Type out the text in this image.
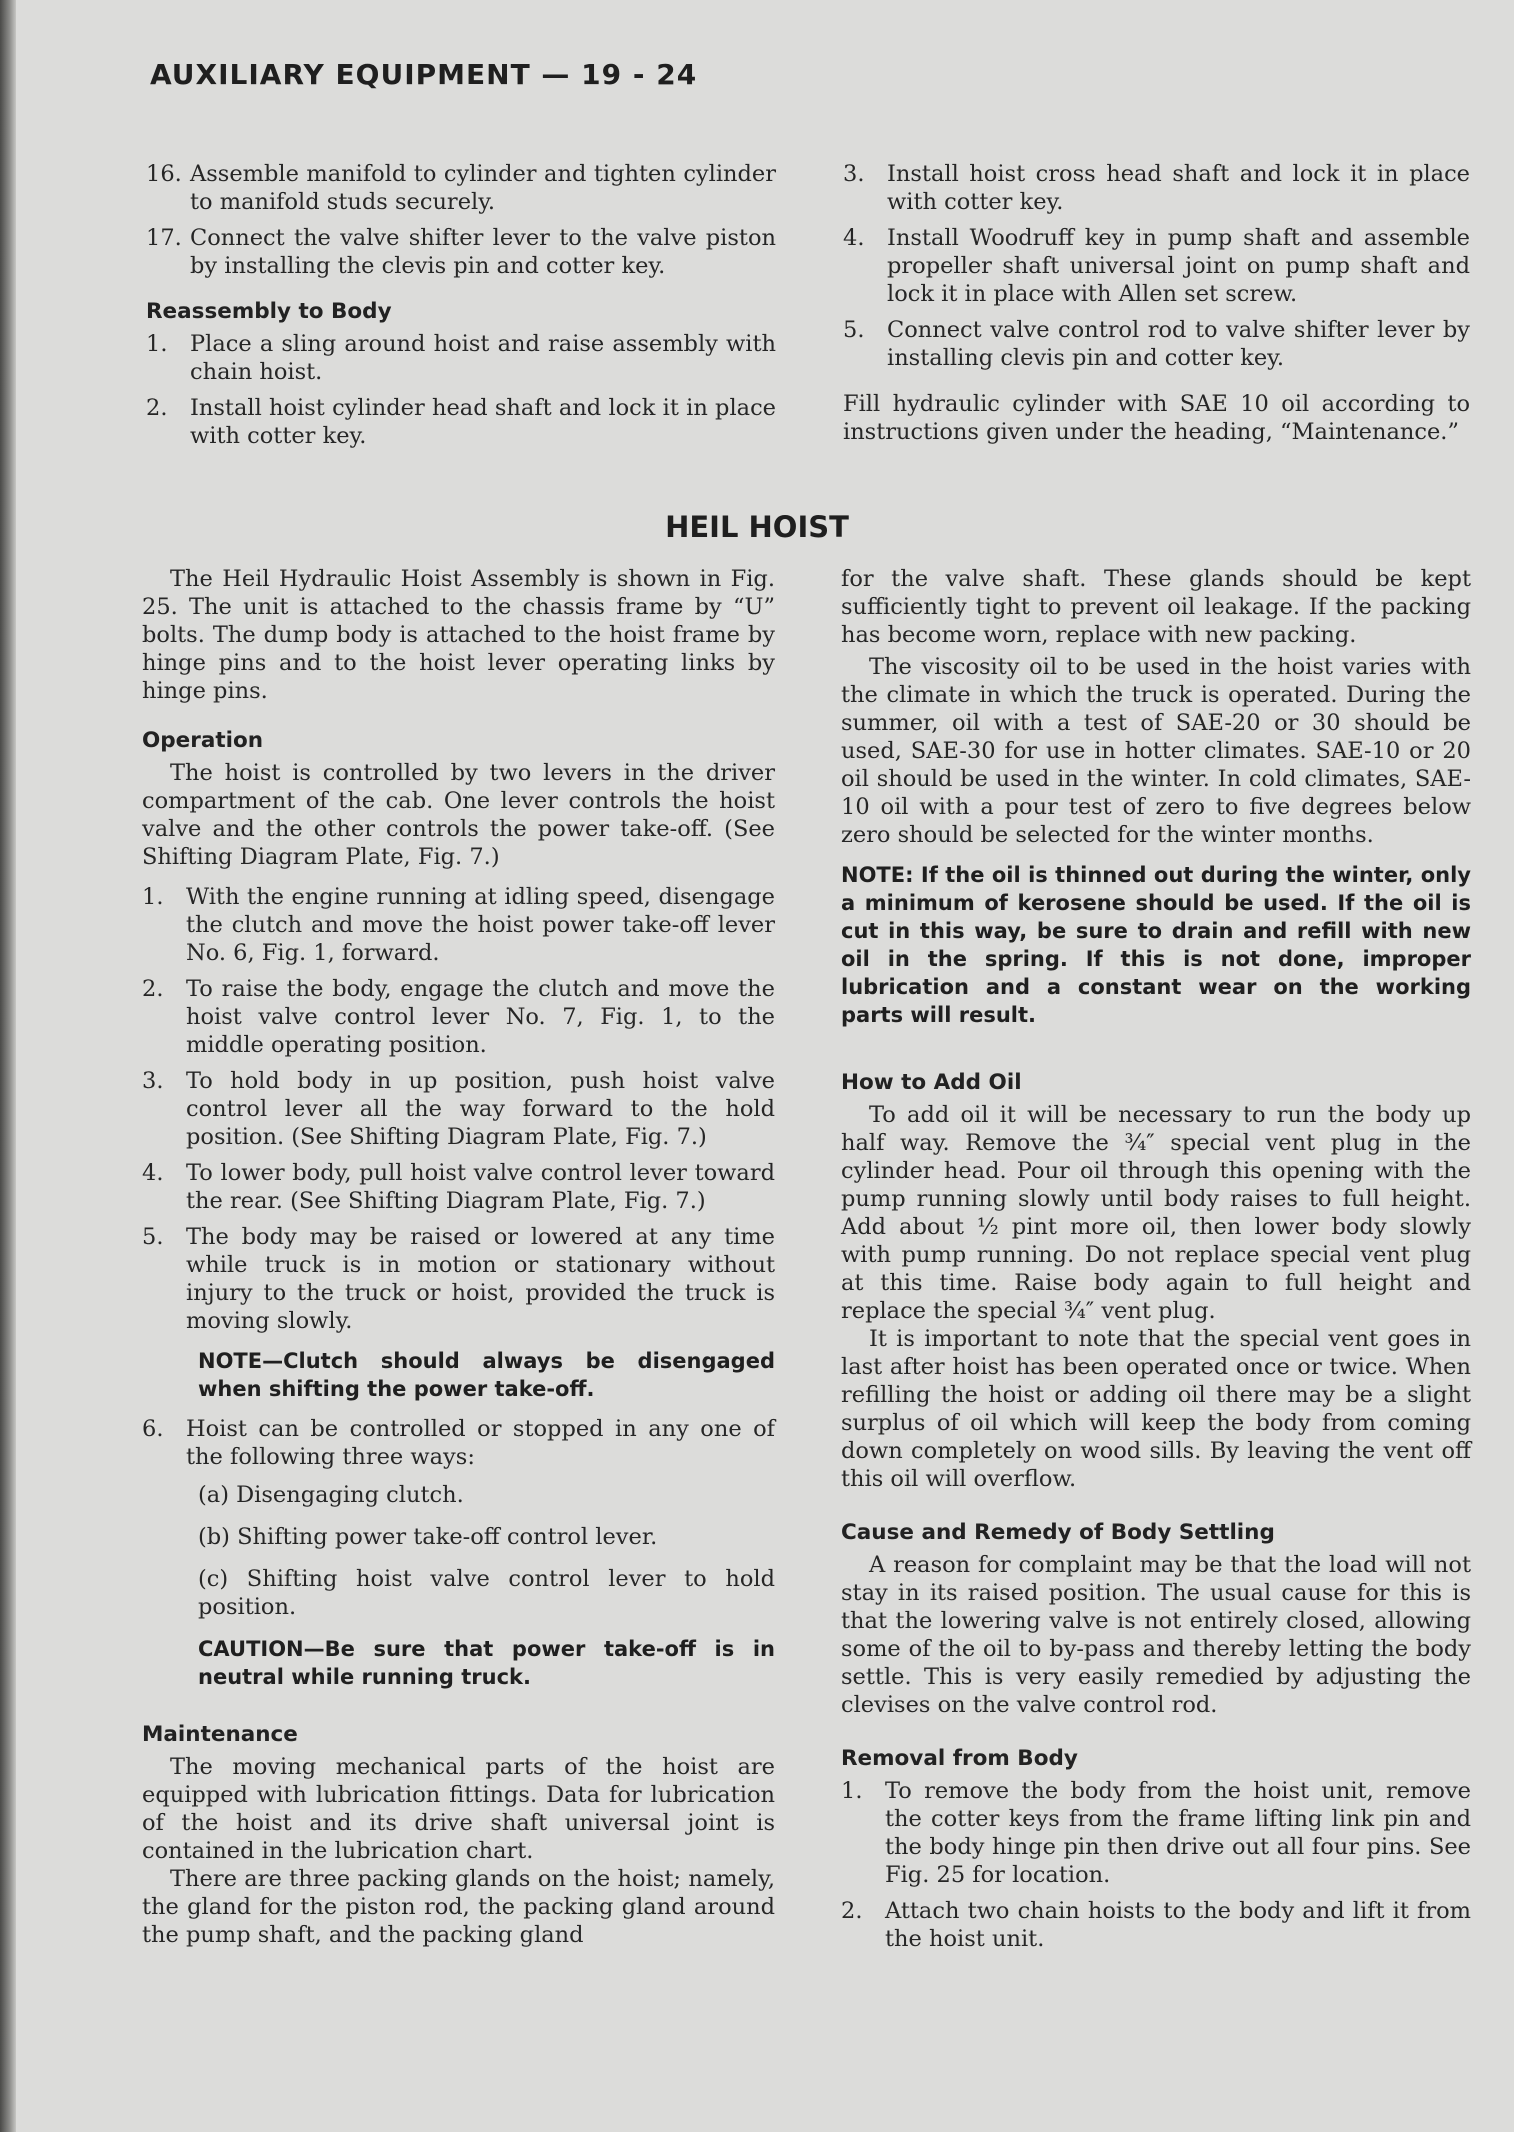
AUXILIARY EQUIPMENT — 19 - 24
16. Assemble manifold to cylinder and tighten cylinder to manifold studs securely.
17. Connect the valve shifter lever to the valve piston by installing the clevis pin and cotter key.
Reassembly to Body
1.	Place a sling around hoist and raise assembly with chain hoist.
2.	Install hoist cylinder head shaft and lock it in place with cotter key.
3.	Install hoist cross head shaft and lock it in place with cotter key.
4.	Install Woodruff key in pump shaft and assemble propeller shaft universal joint on pump shaft and lock it in place with Allen set screw.
5.	Connect valve control rod to valve shifter lever by installing clevis pin and cotter key.

Fill hydraulic cylinder with SAE 10 oil according to instructions given under the heading, “Maintenance.”

HEIL HOIST

The Heil Hydraulic Hoist Assembly is shown in Fig. 25. The unit is attached to the chassis frame by “U” bolts. The dump body is attached to the hoist frame by hinge pins and to the hoist lever operating links by hinge pins.

Operation

The hoist is controlled by two levers in the driver compartment of the cab. One lever controls the hoist valve and the other controls the power take-off. (See Shifting Diagram Plate, Fig. 7.)

1.	With the engine running at idling speed, disengage the clutch and move the hoist power take-off lever No. 6, Fig. 1, forward.
2.	To raise the body, engage the clutch and move the hoist valve control lever No. 7, Fig. 1, to the middle operating position.
3.	To hold body in up position, push hoist valve control lever all the way forward to the hold position. (See Shifting Diagram Plate, Fig. 7.)
4.	To lower body, pull hoist valve control lever toward the rear. (See Shifting Diagram Plate, Fig. 7.)
5.	The body may be raised or lowered at any time while truck is in motion or stationary without injury to the truck or hoist, provided the truck is moving slowly.
NOTE—Clutch should always be disengaged when shifting the power take-off.
6.	Hoist can be controlled or stopped in any one of the following three ways:

(a) Disengaging clutch.

(b) Shifting power take-off control lever.

(c) Shifting hoist valve control lever to hold position.

CAUTION—Be sure that power take-off is in neutral while running truck.
Maintenance

The moving mechanical parts of the hoist are equipped with lubrication fittings. Data for lubrication of the hoist and its drive shaft universal joint is contained in the lubrication chart.

There are three packing glands on the hoist; namely, the gland for the piston rod, the packing gland around the pump shaft, and the packing gland

for the valve shaft. These glands should be kept sufficiently tight to prevent oil leakage. If the packing has become worn, replace with new packing.

The viscosity oil to be used in the hoist varies with the climate in which the truck is operated. During the summer, oil with a test of SAE-20 or 30 should be used, SAE-30 for use in hotter climates. SAE-10 or 20 oil should be used in the winter. In cold climates, SAE-10 oil with a pour test of zero to five degrees below zero should be selected for the winter months.

NOTE: If the oil is thinned out during the winter, only a minimum of kerosene should be used. If the oil is cut in this way, be sure to drain and refill with new oil in the spring. If this is not done, improper lubrication and a constant wear on the working parts will result.
How to Add Oil

To add oil it will be necessary to run the body up half way. Remove the ¾″ special vent plug in the cylinder head. Pour oil through this opening with the pump running slowly until body raises to full height. Add about ½ pint more oil, then lower body slowly with pump running. Do not replace special vent plug at this time. Raise body again to full height and replace the special ¾″ vent plug.

It is important to note that the special vent goes in last after hoist has been operated once or twice. When refilling the hoist or adding oil there may be a slight surplus of oil which will keep the body from coming down completely on wood sills. By leaving the vent off this oil will overflow.

Cause and Remedy of Body Settling

A reason for complaint may be that the load will not stay in its raised position. The usual cause for this is that the lowering valve is not entirely closed, allowing some of the oil to by-pass and thereby letting the body settle. This is very easily remedied by adjusting the clevises on the valve control rod.

Removal from Body
1.	To remove the body from the hoist unit, remove the cotter keys from the frame lifting link pin and the body hinge pin then drive out all four pins. See Fig. 25 for location.
2.	Attach two chain hoists to the body and lift it from the hoist unit.
